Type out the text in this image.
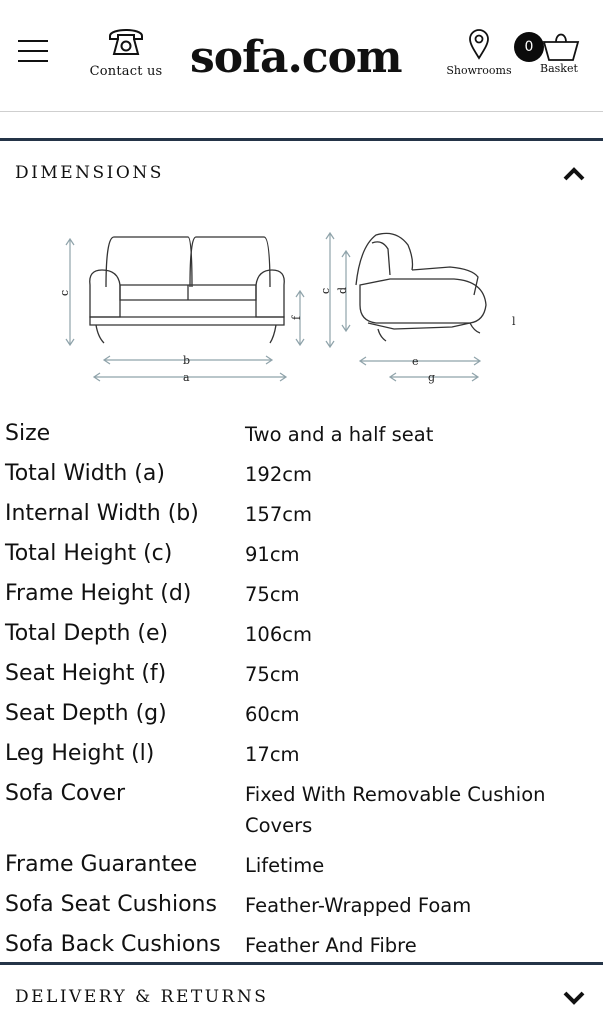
Contact us sofa.com	Showrooms
0
Basket
DIMENSIONS
c
f
b
a
c d
e
g
l
Size	Two and a half seat
Total Width (a)	192cm
Internal Width (b)	157cm
Total Height (c)	91cm
Frame Height (d)	75cm
Total Depth (e)	106cm
Seat Height (f)	75cm
Seat Depth (g)	60cm
Leg Height (l)	17cm
Sofa Cover	Fixed With Removable Cushion Covers
Frame Guarantee	Lifetime
Sofa Seat Cushions	Feather-Wrapped Foam
Sofa Back Cushions	Feather And Fibre
DELIVERY & RETURNS
